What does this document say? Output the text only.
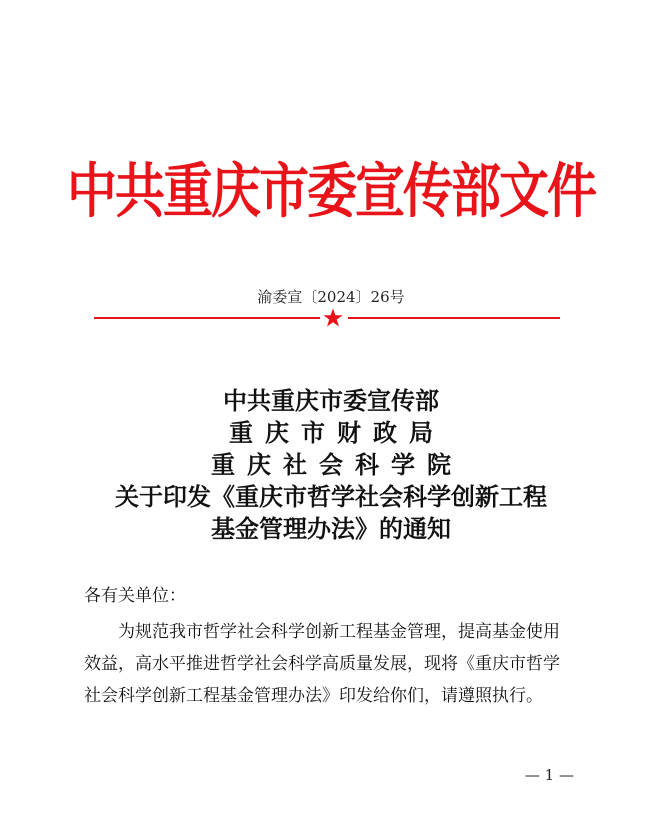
中共重庆市委宣传部文件
渝委宣〔2024〕26号
中共重庆市委宣传部
重庆市财政局
重庆社会科学院
关于印发《重庆市哲学社会科学创新工程
基金管理办法》的通知
各有关单位：
为规范我市哲学社会科学创新工程基金管理，提高基金使用
效益，高水平推进哲学社会科学高质量发展，现将《重庆市哲学
社会科学创新工程基金管理办法》印发给你们，请遵照执行。
— 1 —
